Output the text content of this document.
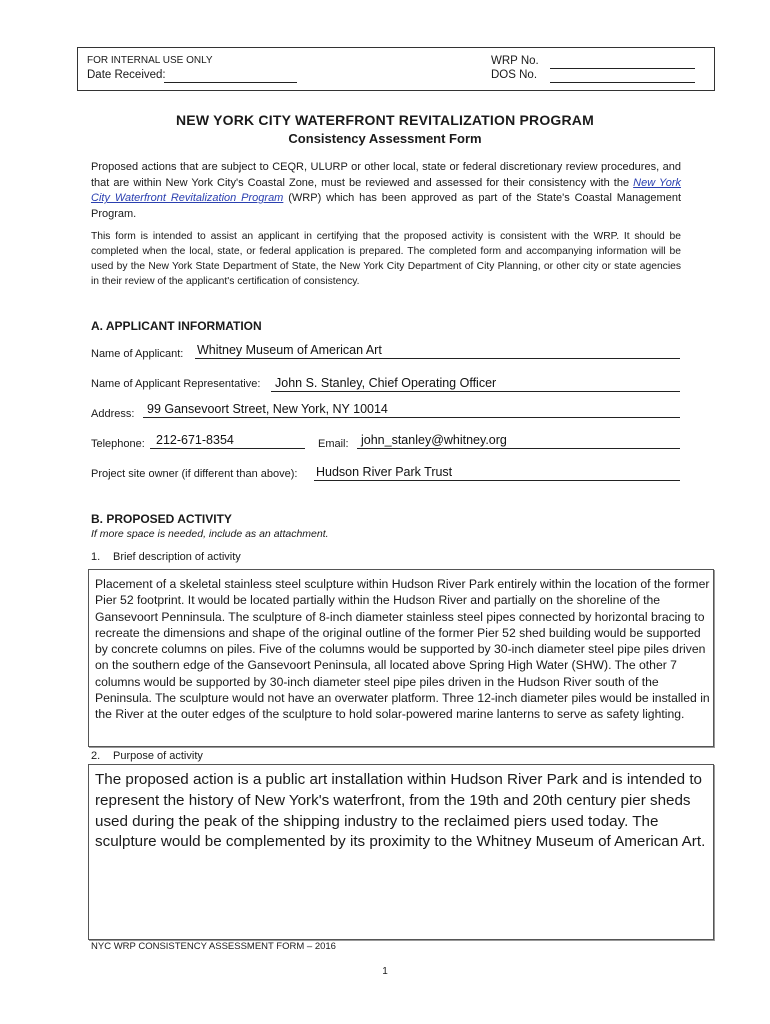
FOR INTERNAL USE ONLY
Date Received:
WRP No.
DOS No.
NEW YORK CITY WATERFRONT REVITALIZATION PROGRAM
Consistency Assessment Form
Proposed actions that are subject to CEQR, ULURP or other local, state or federal discretionary review procedures, and that are within New York City's Coastal Zone, must be reviewed and assessed for their consistency with the New York City Waterfront Revitalization Program (WRP) which has been approved as part of the State's Coastal Management Program.
This form is intended to assist an applicant in certifying that the proposed activity is consistent with the WRP. It should be completed when the local, state, or federal application is prepared. The completed form and accompanying information will be used by the New York State Department of State, the New York City Department of City Planning, or other city or state agencies in their review of the applicant's certification of consistency.
A. APPLICANT INFORMATION
Name of Applicant: Whitney Museum of American Art
Name of Applicant Representative:	John S. Stanley, Chief Operating Officer
Address:	99 Gansevoort Street, New York, NY 10014
Telephone: 212-671-8354	Email: john_stanley@whitney.org
Project site owner (if different than above): Hudson River Park Trust
B. PROPOSED ACTIVITY
If more space is needed, include as an attachment.
1. Brief description of activity
Placement of a skeletal stainless steel sculpture within Hudson River Park entirely within the location of the former Pier 52 footprint. It would be located partially within the Hudson River and partially on the shoreline of the Gansevoort Penninsula. The sculpture of 8-inch diameter stainless steel pipes connected by horizontal bracing to recreate the dimensions and shape of the original outline of the former Pier 52 shed building would be supported by concrete columns on piles. Five of the columns would be supported by 30-inch diameter steel pipe piles driven on the southern edge of the Gansevoort Peninsula, all located above Spring High Water (SHW). The other 7 columns would be supported by 30-inch diameter steel pipe piles driven in the Hudson River south of the Peninsula. The sculpture would not have an overwater platform. Three 12-inch diameter piles would be installed in the River at the outer edges of the sculpture to hold solar-powered marine lanterns to serve as safety lighting.
2. Purpose of activity
The proposed action is a public art installation within Hudson River Park and is intended to represent the history of New York's waterfront, from the 19th and 20th century pier sheds used during the peak of the shipping industry to the reclaimed piers used today. The sculpture would be complemented by its proximity to the Whitney Museum of American Art.
NYC WRP CONSISTENCY ASSESSMENT FORM – 2016
1
